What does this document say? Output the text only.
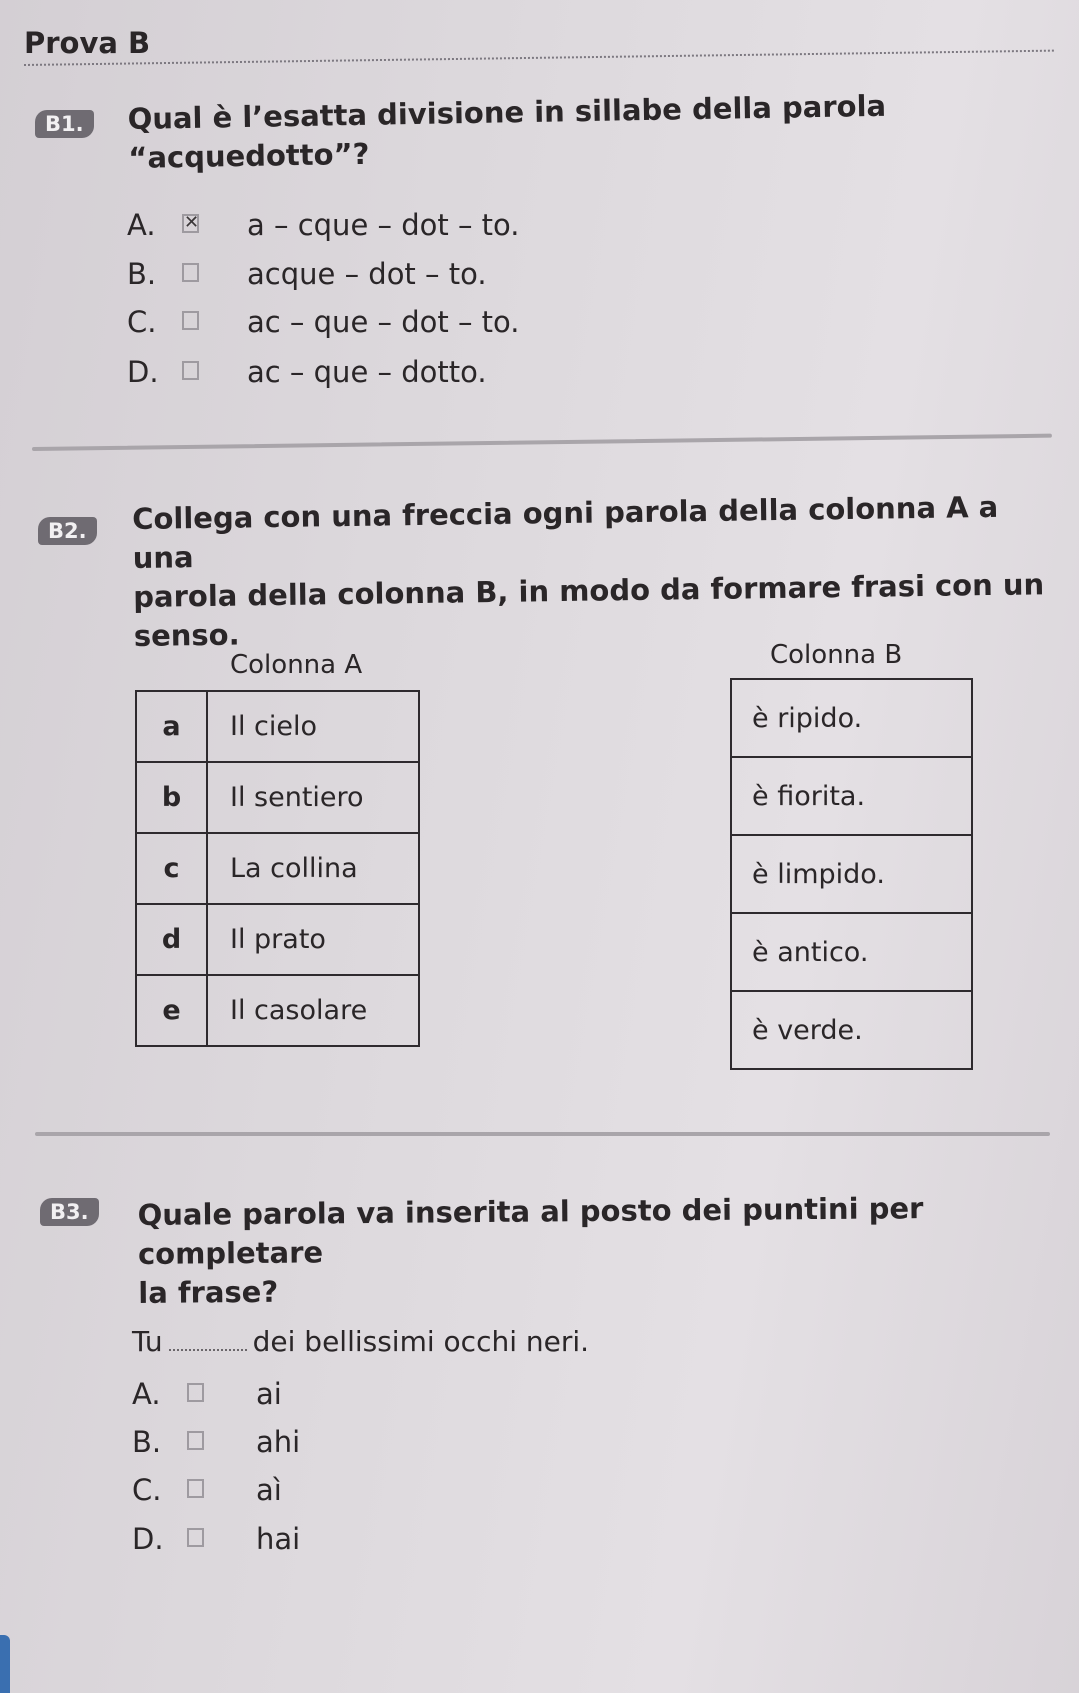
Prova B
B1.	Qual è l’esatta divisione in sillabe della parola “acquedotto”?
A. ✕ a – cque – dot – to.
B.	acque – dot – to.
C.	ac – que – dot – to.
D.	ac – que – dotto.
B2.	Collega con una freccia ogni parola della colonna A a una
parola della colonna B, in modo da formare frasi con un senso.
Colonna A
a	Il cielo
b	Il sentiero
c	La collina
d	Il prato
e	Il casolare
Colonna B
è ripido.
è fiorita.
è limpido.
è antico.
è verde.
B3.	Quale parola va inserita al posto dei puntini per completare
la frase?
Tu	dei bellissimi occhi neri.
A.	ai
B.	ahi
C.	aì
D.	hai
